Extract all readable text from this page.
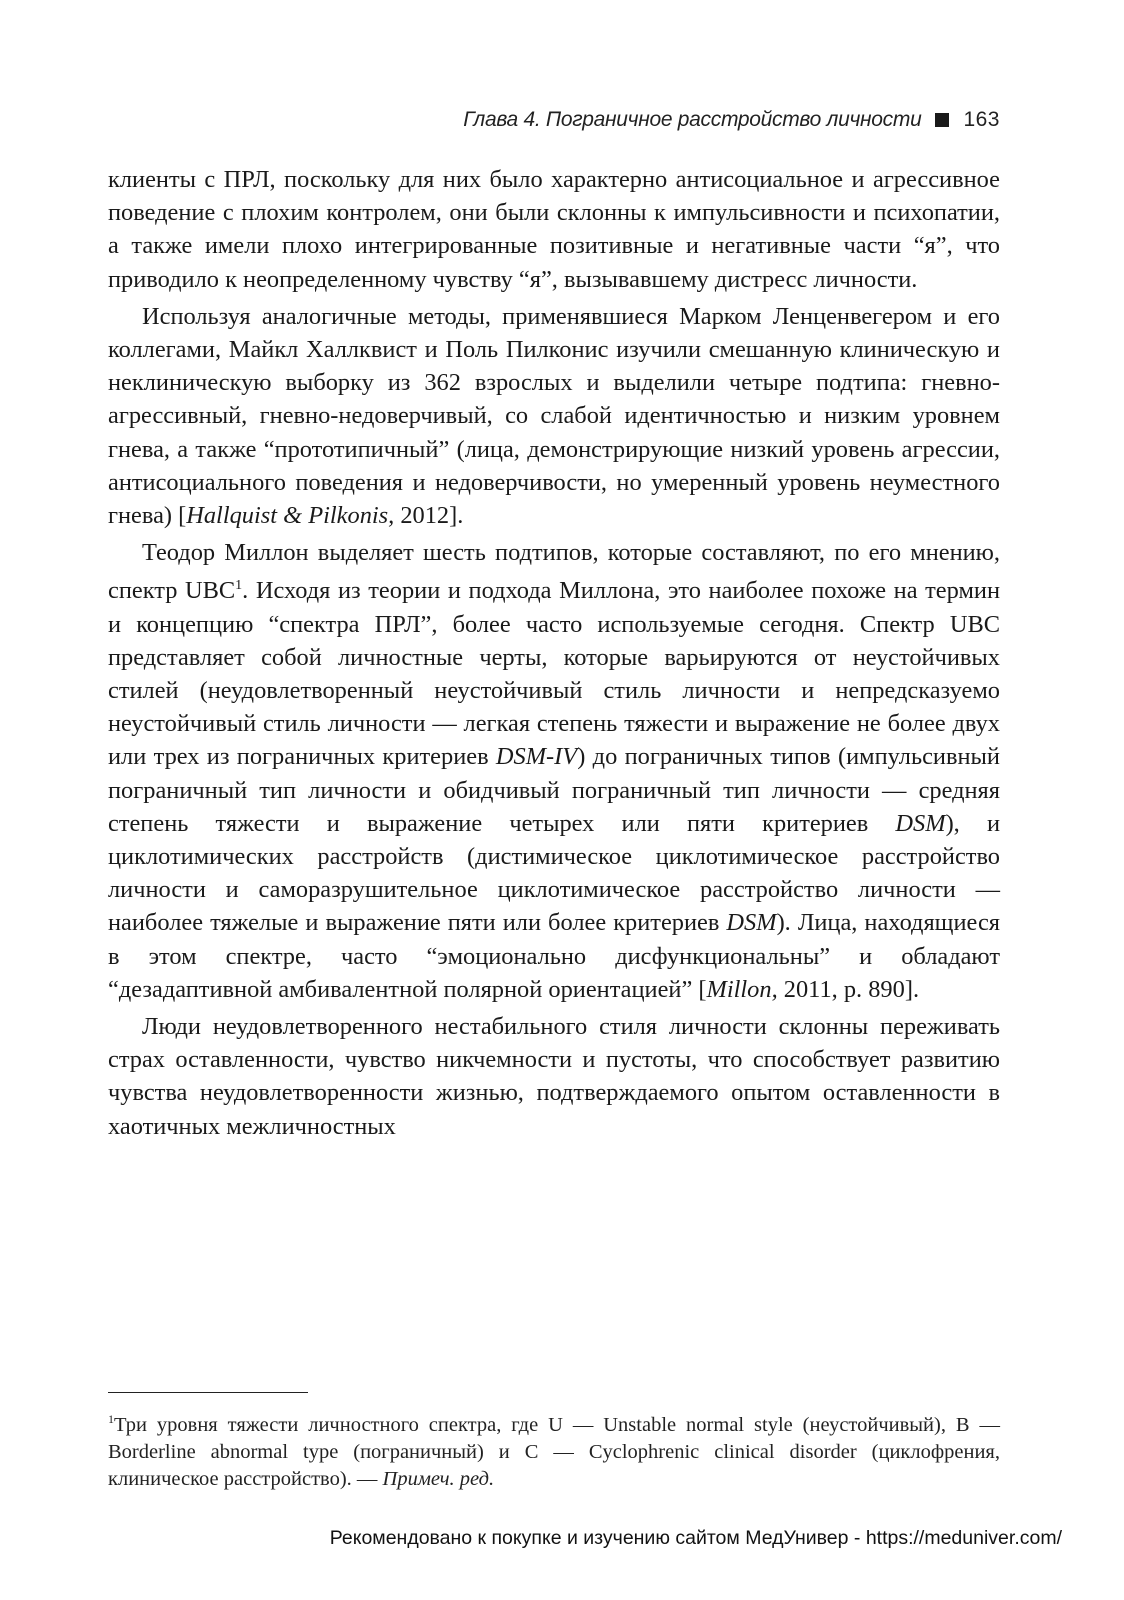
Глава 4. Пограничное расстройство личности 163

клиенты с ПРЛ, поскольку для них было характерно антисоциальное и агрессивное поведение с плохим контролем, они были склонны к импульсивности и психопатии, а также имели плохо интегрированные позитивные и негативные части “я”, что приводило к неопределенному чувству “я”, вызывавшему дистресс личности.

Используя аналогичные методы, применявшиеся Марком Ленценвегером и его коллегами, Майкл Халлквист и Поль Пилконис изучили смешанную клиническую и неклиническую выборку из 362 взрослых и выделили четыре подтипа: гневно-агрессивный, гневно-недоверчивый, со слабой идентичностью и низким уровнем гнева, а также “прототипичный” (лица, демонстрирующие низкий уровень агрессии, антисоциального поведения и недоверчивости, но умеренный уровень неуместного гнева) [Hallquist & Pilkonis, 2012].

Теодор Миллон выделяет шесть подтипов, которые составляют, по его мнению, спектр UBC$^1$. Исходя из теории и подхода Миллона, это наиболее похоже на термин и концепцию “спектра ПРЛ”, более часто используемые сегодня. Спектр UBC представляет собой личностные черты, которые варьируются от неустойчивых стилей (неудовлетворенный неустойчивый стиль личности и непредсказуемо неустойчивый стиль личности — легкая степень тяжести и выражение не более двух или трех из пограничных критериев DSM-IV) до пограничных типов (импульсивный пограничный тип личности и обидчивый пограничный тип личности — средняя степень тяжести и выражение четырех или пяти критериев DSM), и циклотимических расстройств (дистимическое циклотимическое расстройство личности и саморазрушительное циклотимическое расстройство личности — наиболее тяжелые и выражение пяти или более критериев DSM). Лица, находящиеся в этом спектре, часто “эмоционально дисфункциональны” и обладают “дезадаптивной амбивалентной полярной ориентацией” [Millon, 2011, p. 890].

Люди неудовлетворенного нестабильного стиля личности склонны переживать страх оставленности, чувство никчемности и пустоты, что способствует развитию чувства неудовлетворенности жизнью, подтверждаемого опытом оставленности в хаотичных межличностных

$^1$Три уровня тяжести личностного спектра, где U — Unstable normal style (неустойчивый), B — Borderline abnormal type (пограничный) и C — Cyclophrenic clinical disorder (циклофрения, клиническое расстройство). — Примеч. ред.
Рекомендовано к покупке и изучению сайтом МедУнивер - https://meduniver.com/
